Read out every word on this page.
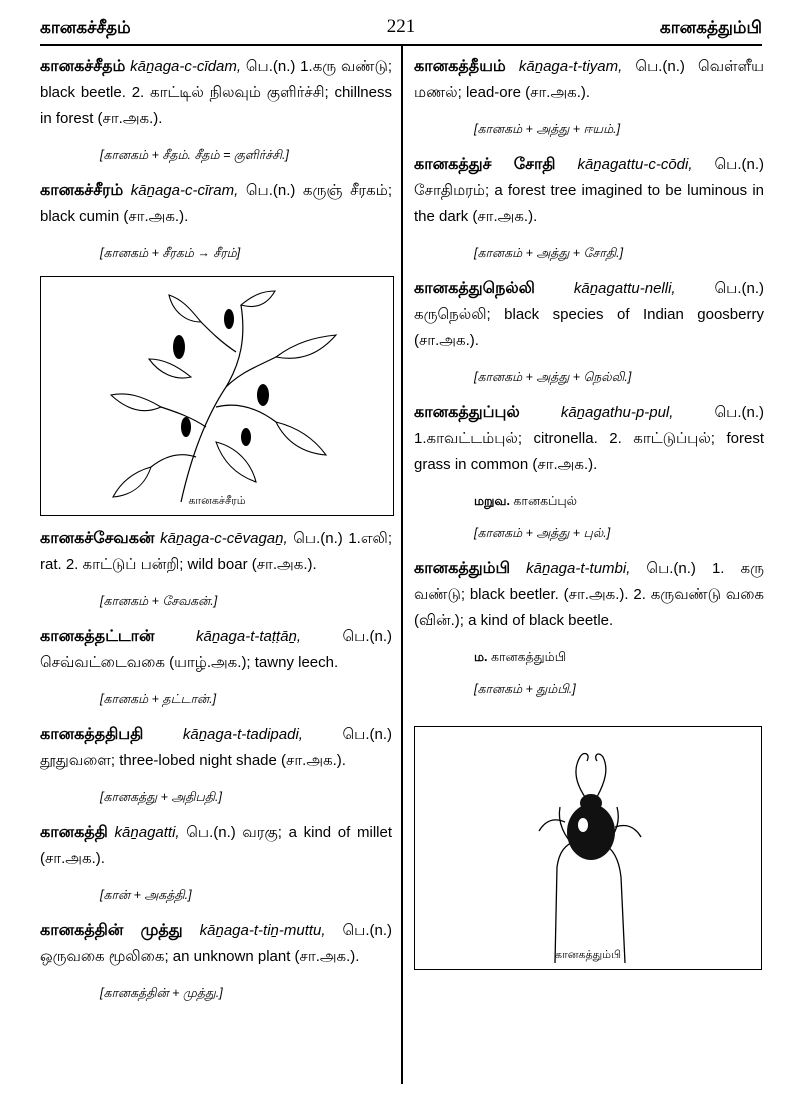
கானகச்சீதம்	221	கானகத்தும்பி
கானகச்சீதம் kāṉaga-c-cīdam, பெ.(n.) 1.கரு வண்டு; black beetle. 2. காட்டில் நிலவும் குளிர்ச்சி; chillness in forest (சா.அக.).
[கானகம் + சீதம். சீதம் = குளிர்ச்சி.]
கானகச்சீரம் kāṉaga-c-cīram, பெ.(n.) கருஞ் சீரகம்; black cumin (சா.அக.).
[கானகம் + சீரகம் → சீரம்]
கானகச்சீரம்
கானகச்சேவகன் kāṉaga-c-cēvagaṉ, பெ.(n.) 1.எலி; rat. 2. காட்டுப் பன்றி; wild boar (சா.அக.).
[கானகம் + சேவகன்.]
கானகத்தட்டான்	kāṉaga-t-taṭṭāṉ, பெ.(n.) செவ்வட்டைவகை (யாழ்.அக.); tawny leech.
[கானகம் + தட்டான்.]
கானகத்ததிபதி	kāṉaga-t-tadipadi, பெ.(n.) தூதுவளை; three-lobed night shade (சா.அக.).
[கானகத்து + அதிபதி.]
கானகத்தி kāṉagatti, பெ.(n.) வரகு; a kind of millet (சா.அக.).
[கான் + அகத்தி.]
கானகத்தின் முத்து kāṉaga-t-tiṉ-muttu, பெ.(n.) ஒருவகை மூலிகை; an unknown plant (சா.அக.).
[கானகத்தின் + முத்து.]
கானகத்தீயம் kāṉaga-t-tiyam, பெ.(n.) வெள்ளீய மணல்; lead-ore (சா.அக.).
[கானகம் + அத்து + ஈயம்.]
கானகத்துச் சோதி kāṉagattu-c-cōdi, பெ.(n.) சோதிமரம்; a forest tree imagined to be luminous in the dark (சா.அக.).
[கானகம் + அத்து + சோதி.]
கானகத்துநெல்லி	kāṉagattu-nelli, பெ.(n.) கருநெல்லி; black species of Indian goosberry (சா.அக.).
[கானகம் + அத்து + நெல்லி.]
கானகத்துப்புல்	kāṉagathu-p-pul, பெ.(n.) 1.காவட்டம்புல்; citronella. 2. காட்டுப்புல்; forest grass in common (சா.அக.).
மறுவ. கானகப்புல்
[கானகம் + அத்து + புல்.]
கானகத்தும்பி kāṉaga-t-tumbi, பெ.(n.) 1. கரு வண்டு; black beetler. (சா.அக.). 2. கருவண்டு வகை (வின்.); a kind of black beetle.
ம. கானகத்தும்பி
[கானகம் + தும்பி.]
கானகத்தும்பி
